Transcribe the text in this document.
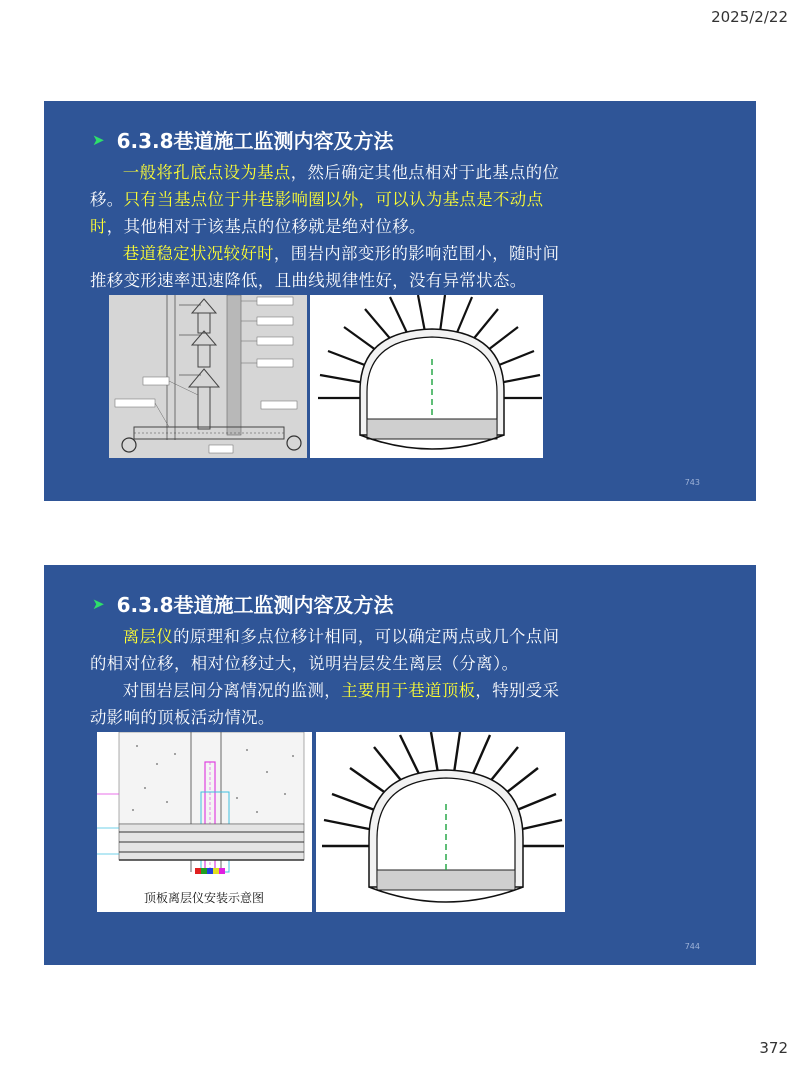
2025/2/22
➤ 6.3.8巷道施工监测内容及方法

一般将孔底点设为基点，然后确定其他点相对于此基点的位移。只有当基点位于井巷影响圈以外，可以认为基点是不动点时，其他相对于该基点的位移就是绝对位移。

巷道稳定状况较好时，围岩内部变形的影响范围小，随时间推移变形速率迅速降低，且曲线规律性好，没有异常状态。

743
➤ 6.3.8巷道施工监测内容及方法

离层仪的原理和多点位移计相同，可以确定两点或几个点间的相对位移，相对位移过大，说明岩层发生离层（分离）。

对围岩层间分离情况的监测，主要用于巷道顶板，特别受采动影响的顶板活动情况。

顶板离层仪安装示意图
744
372
